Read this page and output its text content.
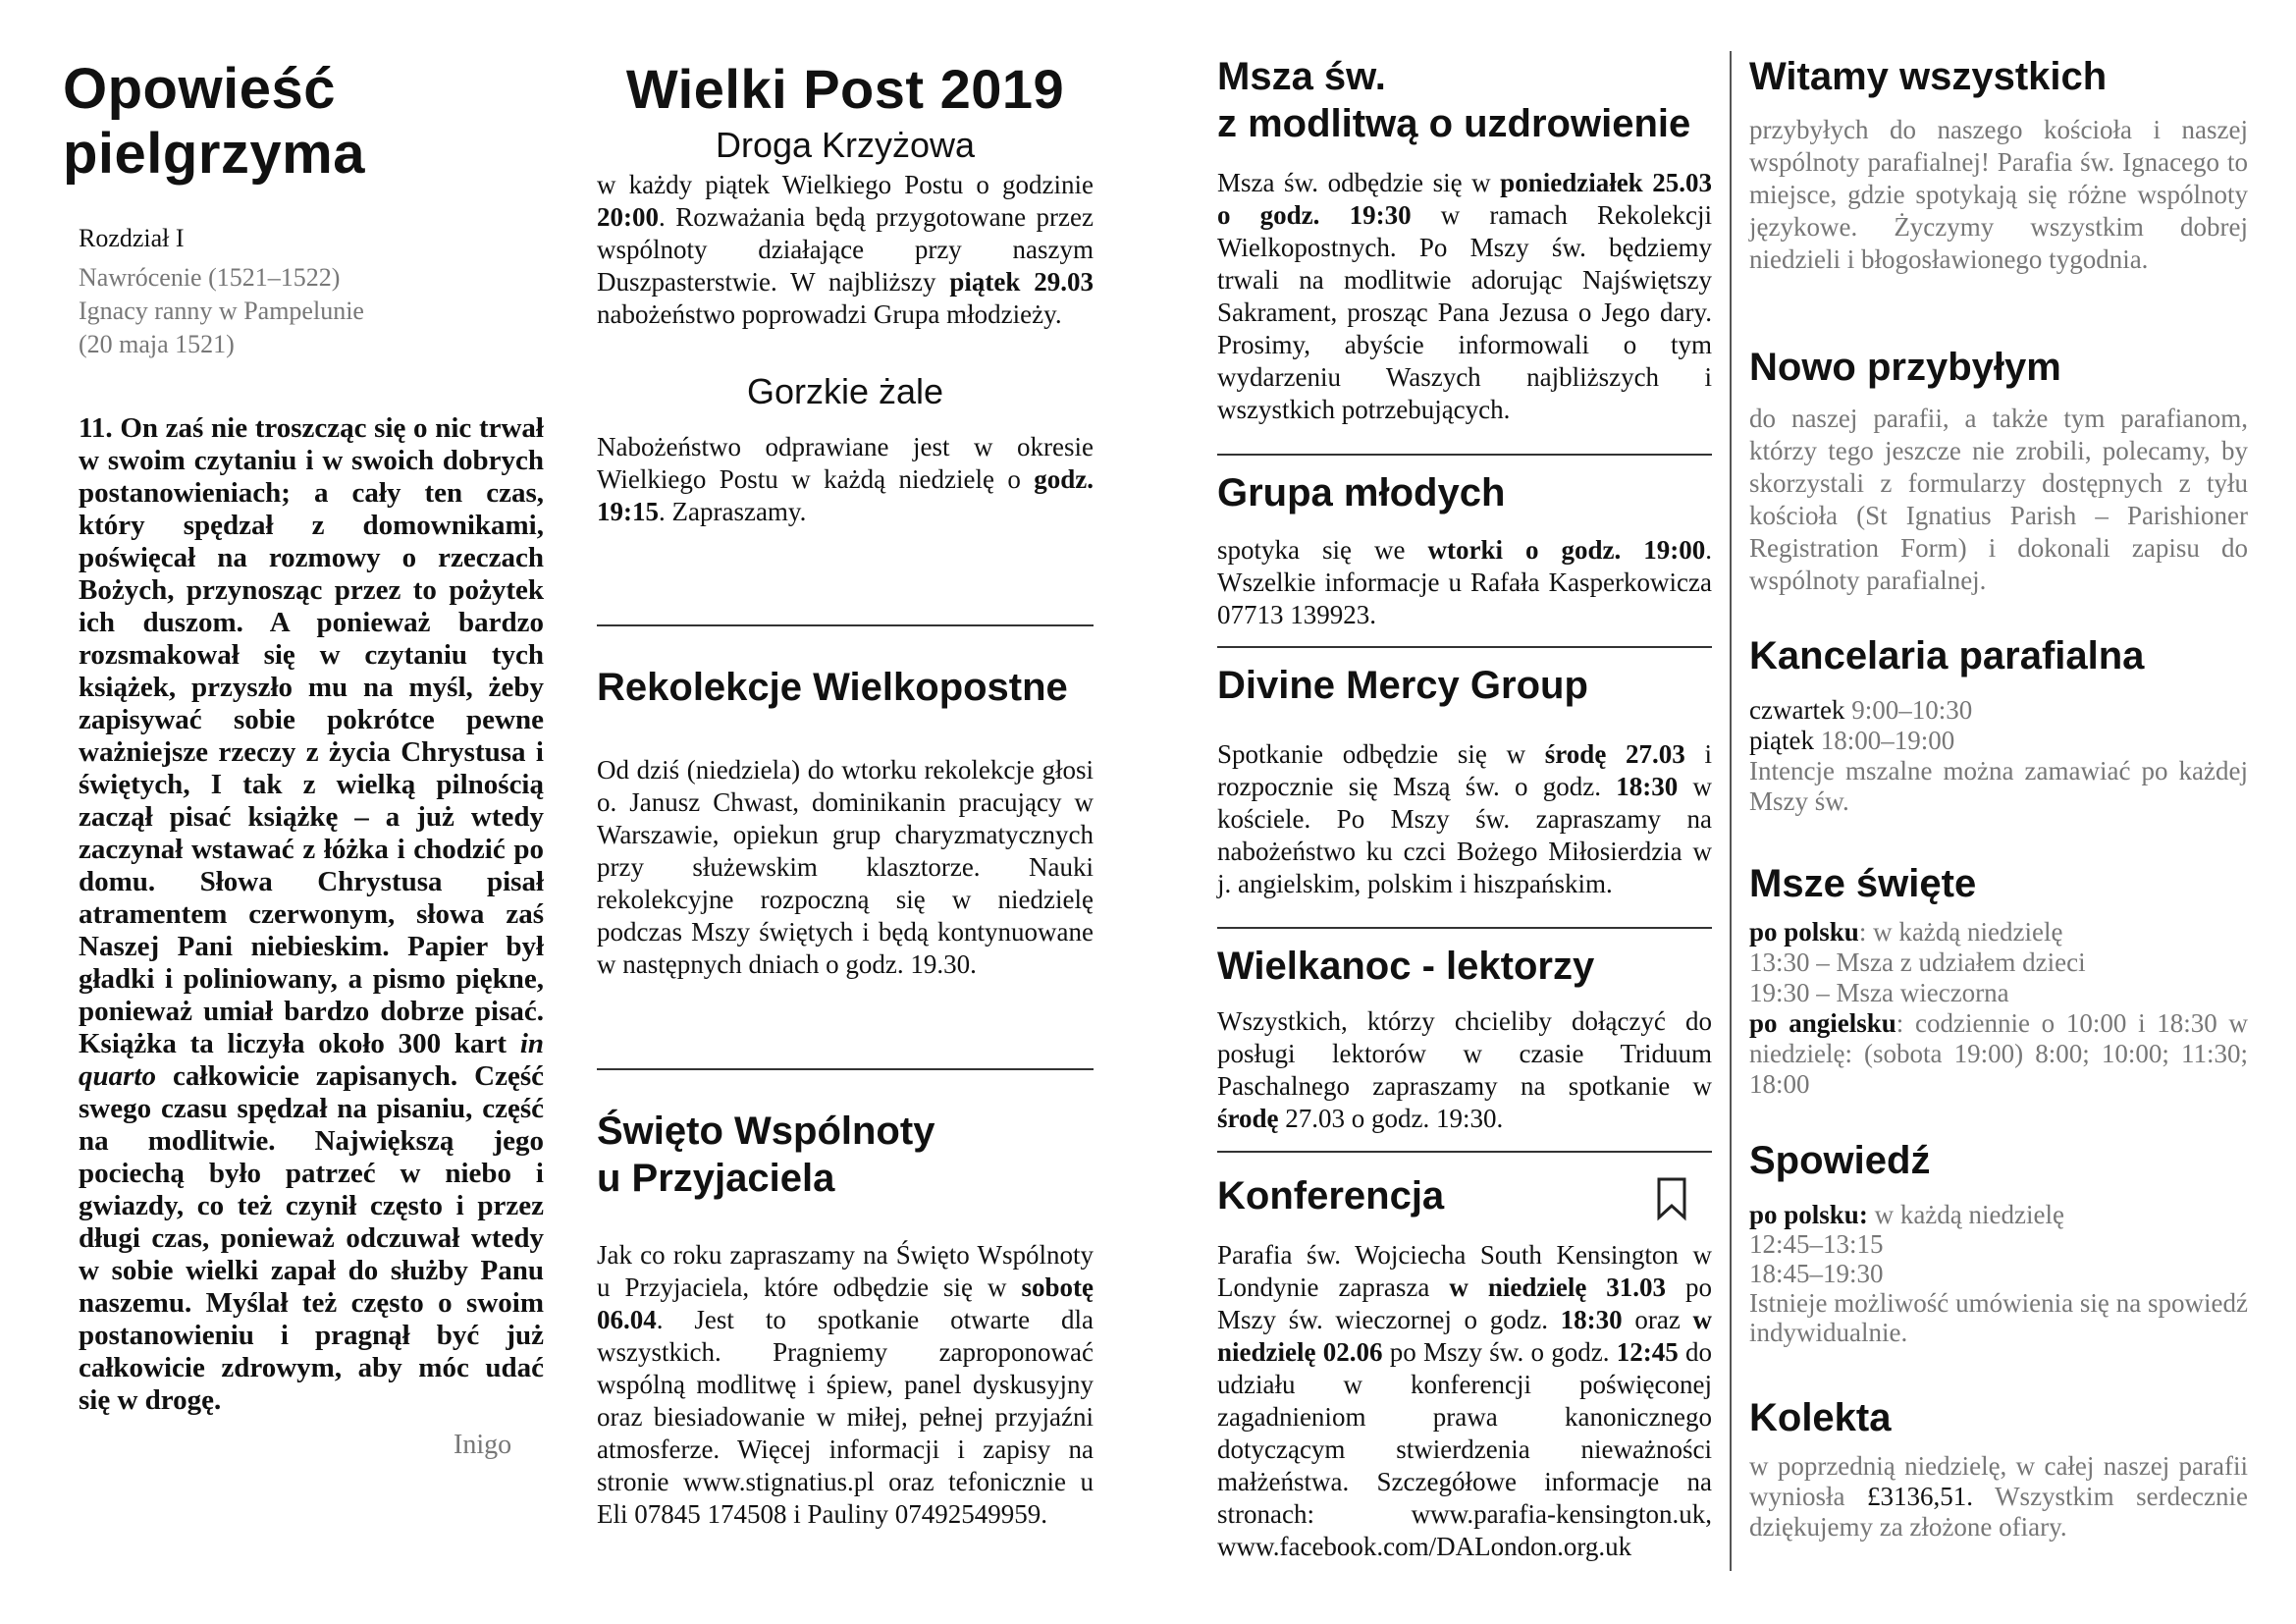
Opowieść
pielgrzyma
Rozdział I
Nawrócenie (1521–1522)
Ignacy ranny w Pampelunie
(20 maja 1521)

11. On zaś nie troszcząc się o nic trwał w swoim czytaniu i w swoich dobrych postanowieniach; a cały ten czas, który spędzał z domownikami, poświęcał na rozmowy o rzeczach Bożych, przynosząc przez to pożytek ich duszom. A ponieważ bardzo rozsmakował się w czytaniu tych książek, przyszło mu na myśl, żeby zapisywać sobie pokrótce pewne ważniejsze rzeczy z życia Chrystusa i świętych, I tak z wielką pilnością zaczął pisać książkę – a już wtedy zaczynał wstawać z łóżka i chodzić po domu. Słowa Chrystusa pisał atramentem czerwonym, słowa zaś Naszej Pani niebieskim. Papier był gładki i poliniowany, a pismo piękne, ponieważ umiał bardzo dobrze pisać. Książka ta liczyła około 300 kart in quarto całkowicie zapisanych. Część swego czasu spędzał na pisaniu, część na modlitwie. Największą jego pociechą było patrzeć w niebo i gwiazdy, co też czynił często i przez długi czas, ponieważ odczuwał wtedy w sobie wielki zapał do służby Panu naszemu. Myślał też często o swoim postanowieniu i pragnął być już całkowicie zdrowym, aby móc udać się w drogę.

Inigo
Wielki Post 2019
Droga Krzyżowa

w każdy piątek Wielkiego Postu o godzinie 20:00. Rozważania będą przygotowane przez wspólnoty działające przy naszym Duszpasterstwie. W najbliższy piątek 29.03 nabożeństwo poprowadzi Grupa młodzieży.

Gorzkie żale

Nabożeństwo odprawiane jest w okresie Wielkiego Postu w każdą niedzielę o godz. 19:15. Zapraszamy.

Rekolekcje Wielkopostne

Od dziś (niedziela) do wtorku rekolekcje głosi o. Janusz Chwast, dominikanin pracujący w Warszawie, opiekun grup charyzmatycznych przy służewskim klasztorze. Nauki rekolekcyjne rozpoczną się w niedzielę podczas Mszy świętych i będą kontynuowane w następnych dniach o godz. 19.30.

Święto Wspólnoty
u Przyjaciela

Jak co roku zapraszamy na Święto Wspólnoty u Przyjaciela, które odbędzie się w sobotę 06.04. Jest to spotkanie otwarte dla wszystkich. Pragniemy zaproponować wspólną modlitwę i śpiew, panel dyskusyjny oraz biesiadowanie w miłej, pełnej przyjaźni atmosferze. Więcej informacji i zapisy na stronie www.stignatius.pl oraz tefonicznie u Eli 07845 174508 i Pauliny 07492549959.

Msza św.
z modlitwą o uzdrowienie

Msza św. odbędzie się w poniedziałek 25.03 o godz. 19:30 w ramach Rekolekcji Wielkopostnych. Po Mszy św. będziemy trwali na modlitwie adorując Najświętszy Sakrament, prosząc Pana Jezusa o Jego dary. Prosimy, abyście informowali o tym wydarzeniu Waszych najbliższych i wszystkich potrzebujących.

Grupa młodych

spotyka się we wtorki o godz. 19:00. Wszelkie informacje u Rafała Kasperkowicza 07713 139923.

Divine Mercy Group

Spotkanie odbędzie się w środę 27.03 i rozpocznie się Mszą św. o godz. 18:30 w kościele. Po Mszy św. zapraszamy na nabożeństwo ku czci Bożego Miłosierdzia w j. angielskim, polskim i hiszpańskim.

Wielkanoc - lektorzy

Wszystkich, którzy chcieliby dołączyć do posługi lektorów w czasie Triduum Paschalnego zapraszamy na spotkanie w środę 27.03 o godz. 19:30.

Konferencja

Parafia św. Wojciecha South Kensington w Londynie zaprasza w niedzielę 31.03 po Mszy św. wieczornej o godz. 18:30 oraz w niedzielę 02.06 po Mszy św. o godz. 12:45 do udziału w konferencji poświęconej zagadnieniom prawa kanonicznego dotyczącym stwierdzenia nieważności małżeństwa. Szczegółowe informacje na stronach: www.parafia-kensington.uk, www.facebook.com/DALondon.org.uk

Witamy wszystkich

przybyłych do naszego kościoła i naszej wspólnoty parafialnej! Parafia św. Ignacego to miejsce, gdzie spotykają się różne wspólnoty językowe. Życzymy wszystkim dobrej niedzieli i błogosławionego tygodnia.

Nowo przybyłym

do naszej parafii, a także tym parafianom, którzy tego jeszcze nie zrobili, polecamy, by skorzystali z formularzy dostępnych z tyłu kościoła (St Ignatius Parish – Parishioner Registration Form) i dokonali zapisu do wspólnoty parafialnej.

Kancelaria parafialna
czwartek 9:00–10:30
piątek 18:00–19:00
Intencje mszalne można zamawiać po każdej Mszy św.
Msze święte
po polsku: w każdą niedzielę
13:30 – Msza z udziałem dzieci
19:30 – Msza wieczorna
po angielsku: codziennie o 10:00 i 18:30 w niedzielę: (sobota 19:00) 8:00; 10:00; 11:30; 18:00
Spowiedź
po polsku: w każdą niedzielę
12:45–13:15
18:45–19:30
Istnieje możliwość umówienia się na spowiedź indywidualnie.
Kolekta

w poprzednią niedzielę, w całej naszej parafii wyniosła £3136,51. Wszystkim serdecznie dziękujemy za złożone ofiary.
